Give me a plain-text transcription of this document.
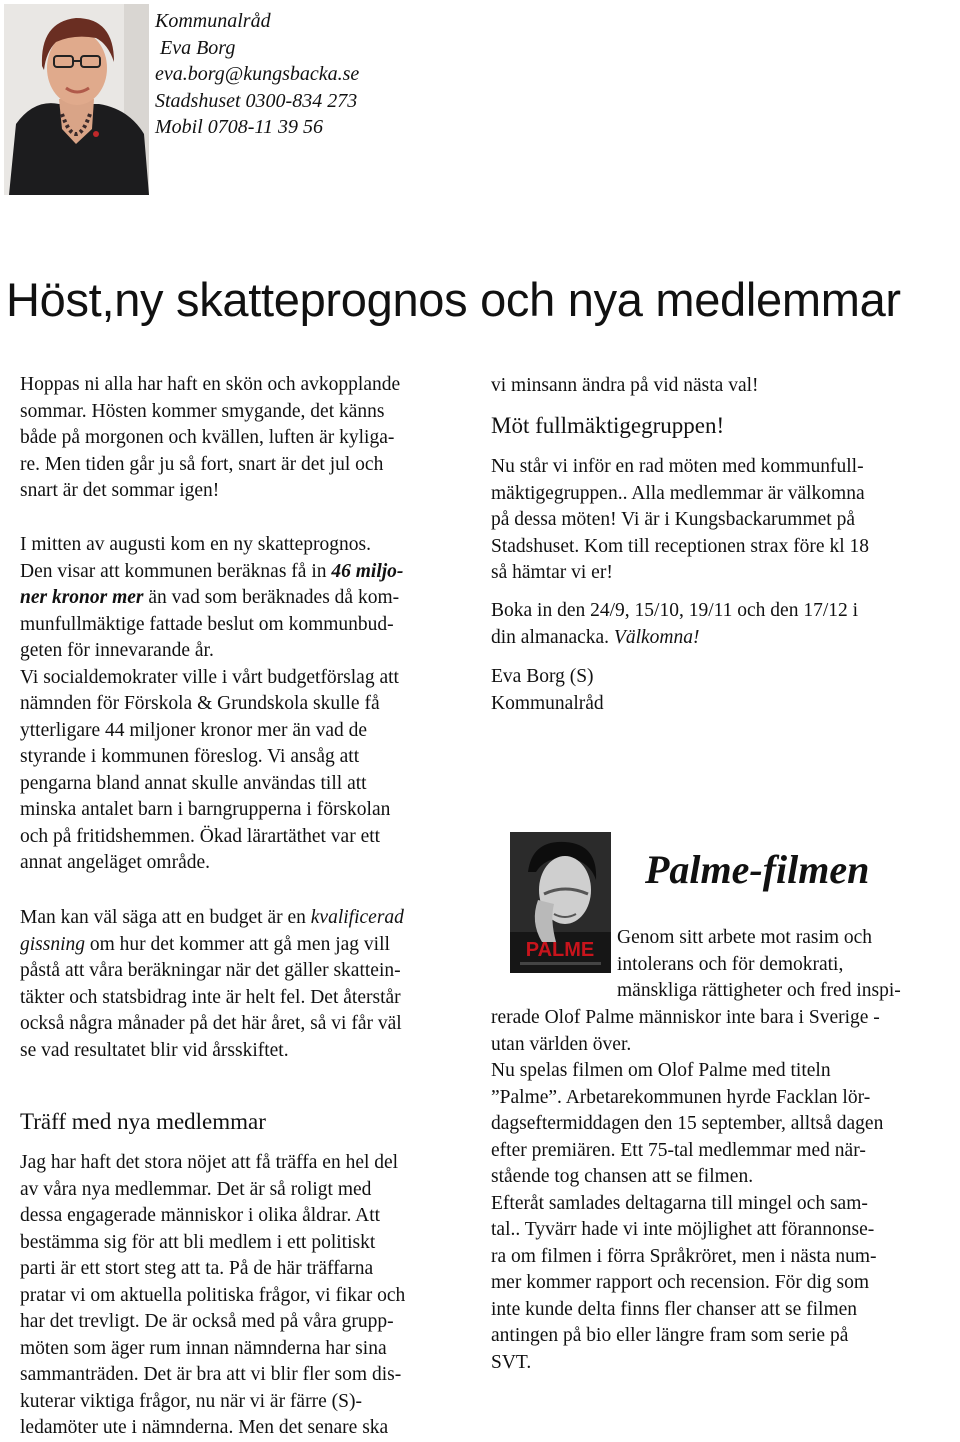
Kommunalråd
Eva Borg
eva.borg@kungsbacka.se
Stadshuset 0300-834 273
Mobil 0708-11 39 56
Höst,ny skatteprognos och nya medlemmar

Hoppas ni alla har haft en skön och avkopplande

sommar. Hösten kommer smygande, det känns

både på morgonen och kvällen, luften är kyliga-

re. Men tiden går ju så fort, snart är det jul och

snart är det sommar igen!

I mitten av augusti kom en ny skatteprognos.

Den visar att kommunen beräknas få in 46 miljo-

ner kronor mer än vad som beräknades då kom-

munfullmäktige fattade beslut om kommunbud-

geten för innevarande år.

Vi socialdemokrater ville i vårt budgetförslag att

nämnden för Förskola & Grundskola skulle få

ytterligare 44 miljoner kronor mer än vad de

styrande i kommunen föreslog. Vi ansåg att

pengarna bland annat skulle användas till att

minska antalet barn i barngrupperna i förskolan

och på fritidshemmen. Ökad lärartäthet var ett

annat angeläget område.

Man kan väl säga att en budget är en kvalificerad

gissning om hur det kommer att gå men jag vill

påstå att våra beräkningar när det gäller skattein-

täkter och statsbidrag inte är helt fel. Det återstår

också några månader på det här året, så vi får väl

se vad resultatet blir vid årsskiftet.

Träff med nya medlemmar

Jag har haft det stora nöjet att få träffa en hel del

av våra nya medlemmar. Det är så roligt med

dessa engagerade människor i olika åldrar. Att

bestämma sig för att bli medlem i ett politiskt

parti är ett stort steg att ta. På de här träffarna

pratar vi om aktuella politiska frågor, vi fikar och

har det trevligt. De är också med på våra grupp-

möten som äger rum innan nämnderna har sina

sammanträden. Det är bra att vi blir fler som dis-

kuterar viktiga frågor, nu när vi är färre (S)-

ledamöter ute i nämnderna. Men det senare ska

vi minsann ändra på vid nästa val!

Möt fullmäktigegruppen!

Nu står vi inför en rad möten med kommunfull-

mäktigegruppen.. Alla medlemmar är välkomna

på dessa möten! Vi är i Kungsbackarummet på

Stadshuset. Kom till receptionen strax före kl 18

så hämtar vi er!

Boka in den 24/9, 15/10, 19/11 och den 17/12 i

din almanacka. Välkomna!

Eva Borg (S)

Kommunalråd

PALME
Palme-filmen

Genom sitt arbete mot rasim och

intolerans och för demokrati,

mänskliga rättigheter och fred inspi-

rerade Olof Palme människor inte bara i Sverige -

utan världen över.

Nu spelas filmen om Olof Palme med titeln

”Palme”. Arbetarekommunen hyrde Facklan lör-

dagseftermiddagen den 15 september, alltså dagen

efter premiären. Ett 75-tal medlemmar med när-

stående tog chansen att se filmen.

Efteråt samlades deltagarna till mingel och sam-

tal.. Tyvärr hade vi inte möjlighet att förannonse-

ra om filmen i förra Språkröret, men i nästa num-

mer kommer rapport och recension. För dig som

inte kunde delta finns fler chanser att se filmen

antingen på bio eller längre fram som serie på

SVT.
